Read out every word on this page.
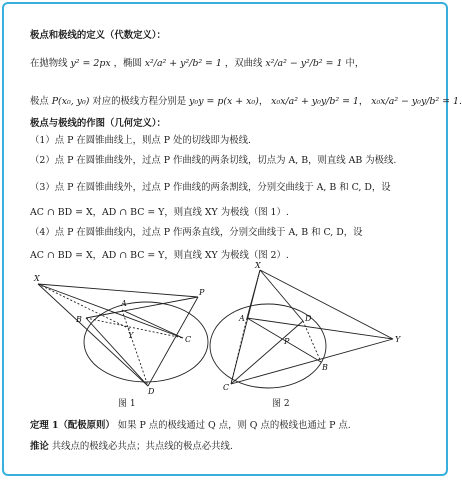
极点和极线的定义（代数定义）：
在抛物线 y² = 2px ，椭圆 x²/a² + y²/b² = 1 ，双曲线 x²/a² − y²/b² = 1 中，
极点 P(x₀, y₀) 对应的极线方程分别是 y₀y = p(x + x₀)， x₀x/a² + y₀y/b² = 1， x₀x/a² − y₀y/b² = 1.
极点与极线的作图（几何定义）：
（1）点 P 在圆锥曲线上，则点 P 处的切线即为极线.
（2）点 P 在圆锥曲线外，过点 P 作曲线的两条切线，切点为 A, B，则直线 AB 为极线.
（3）点 P 在圆锥曲线外，过点 P 作曲线的两条割线，分别交曲线于 A, B 和 C, D，设
AC ∩ BD = X，AD ∩ BC = Y，则直线 XY 为极线（图 1）.
（4）点 P 在圆锥曲线内，过点 P 作两条直线，分别交曲线于 A, B 和 C, D，设
AC ∩ BD = X，AD ∩ BC = Y，则直线 XY 为极线（图 2）.
X
A
B
Y	C
P
D
图 1
X
A	D
P	Y
B
C
图 2
定理 1（配极原则） 如果 P 点的极线通过 Q 点，则 Q 点的极线也通过 P 点.
推论 共线点的极线必共点；共点线的极点必共线.
